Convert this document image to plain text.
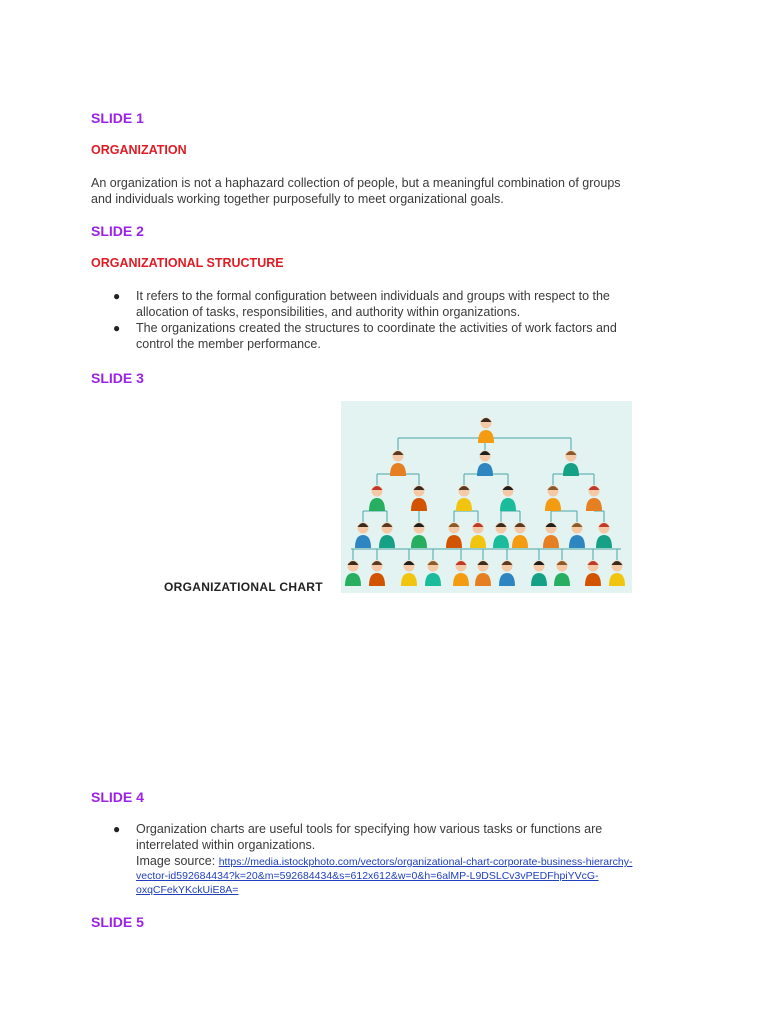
SLIDE 1

ORGANIZATION

An organization is not a haphazard collection of people, but a meaningful combination of groups
and individuals working together purposefully to meet organizational goals.

SLIDE 2

ORGANIZATIONAL STRUCTURE

● It refers to the formal configuration between individuals and groups with respect to the
allocation of tasks, responsibilities, and authority within organizations.
● The organizations created the structures to coordinate the activities of work factors and
control the member performance.

SLIDE 3

ORGANIZATIONAL CHART

SLIDE 4

● Organization charts are useful tools for specifying how various tasks or functions are
interrelated within organizations.
Image source: https://media.istockphoto.com/vectors/organizational-chart-corporate-business-hierarchy-
vector-id592684434?k=20&m=592684434&s=612x612&w=0&h=6alMP-L9DSLCv3vPEDFhpiYVcG-
oxqCFekYKckUiE8A=

SLIDE 5
